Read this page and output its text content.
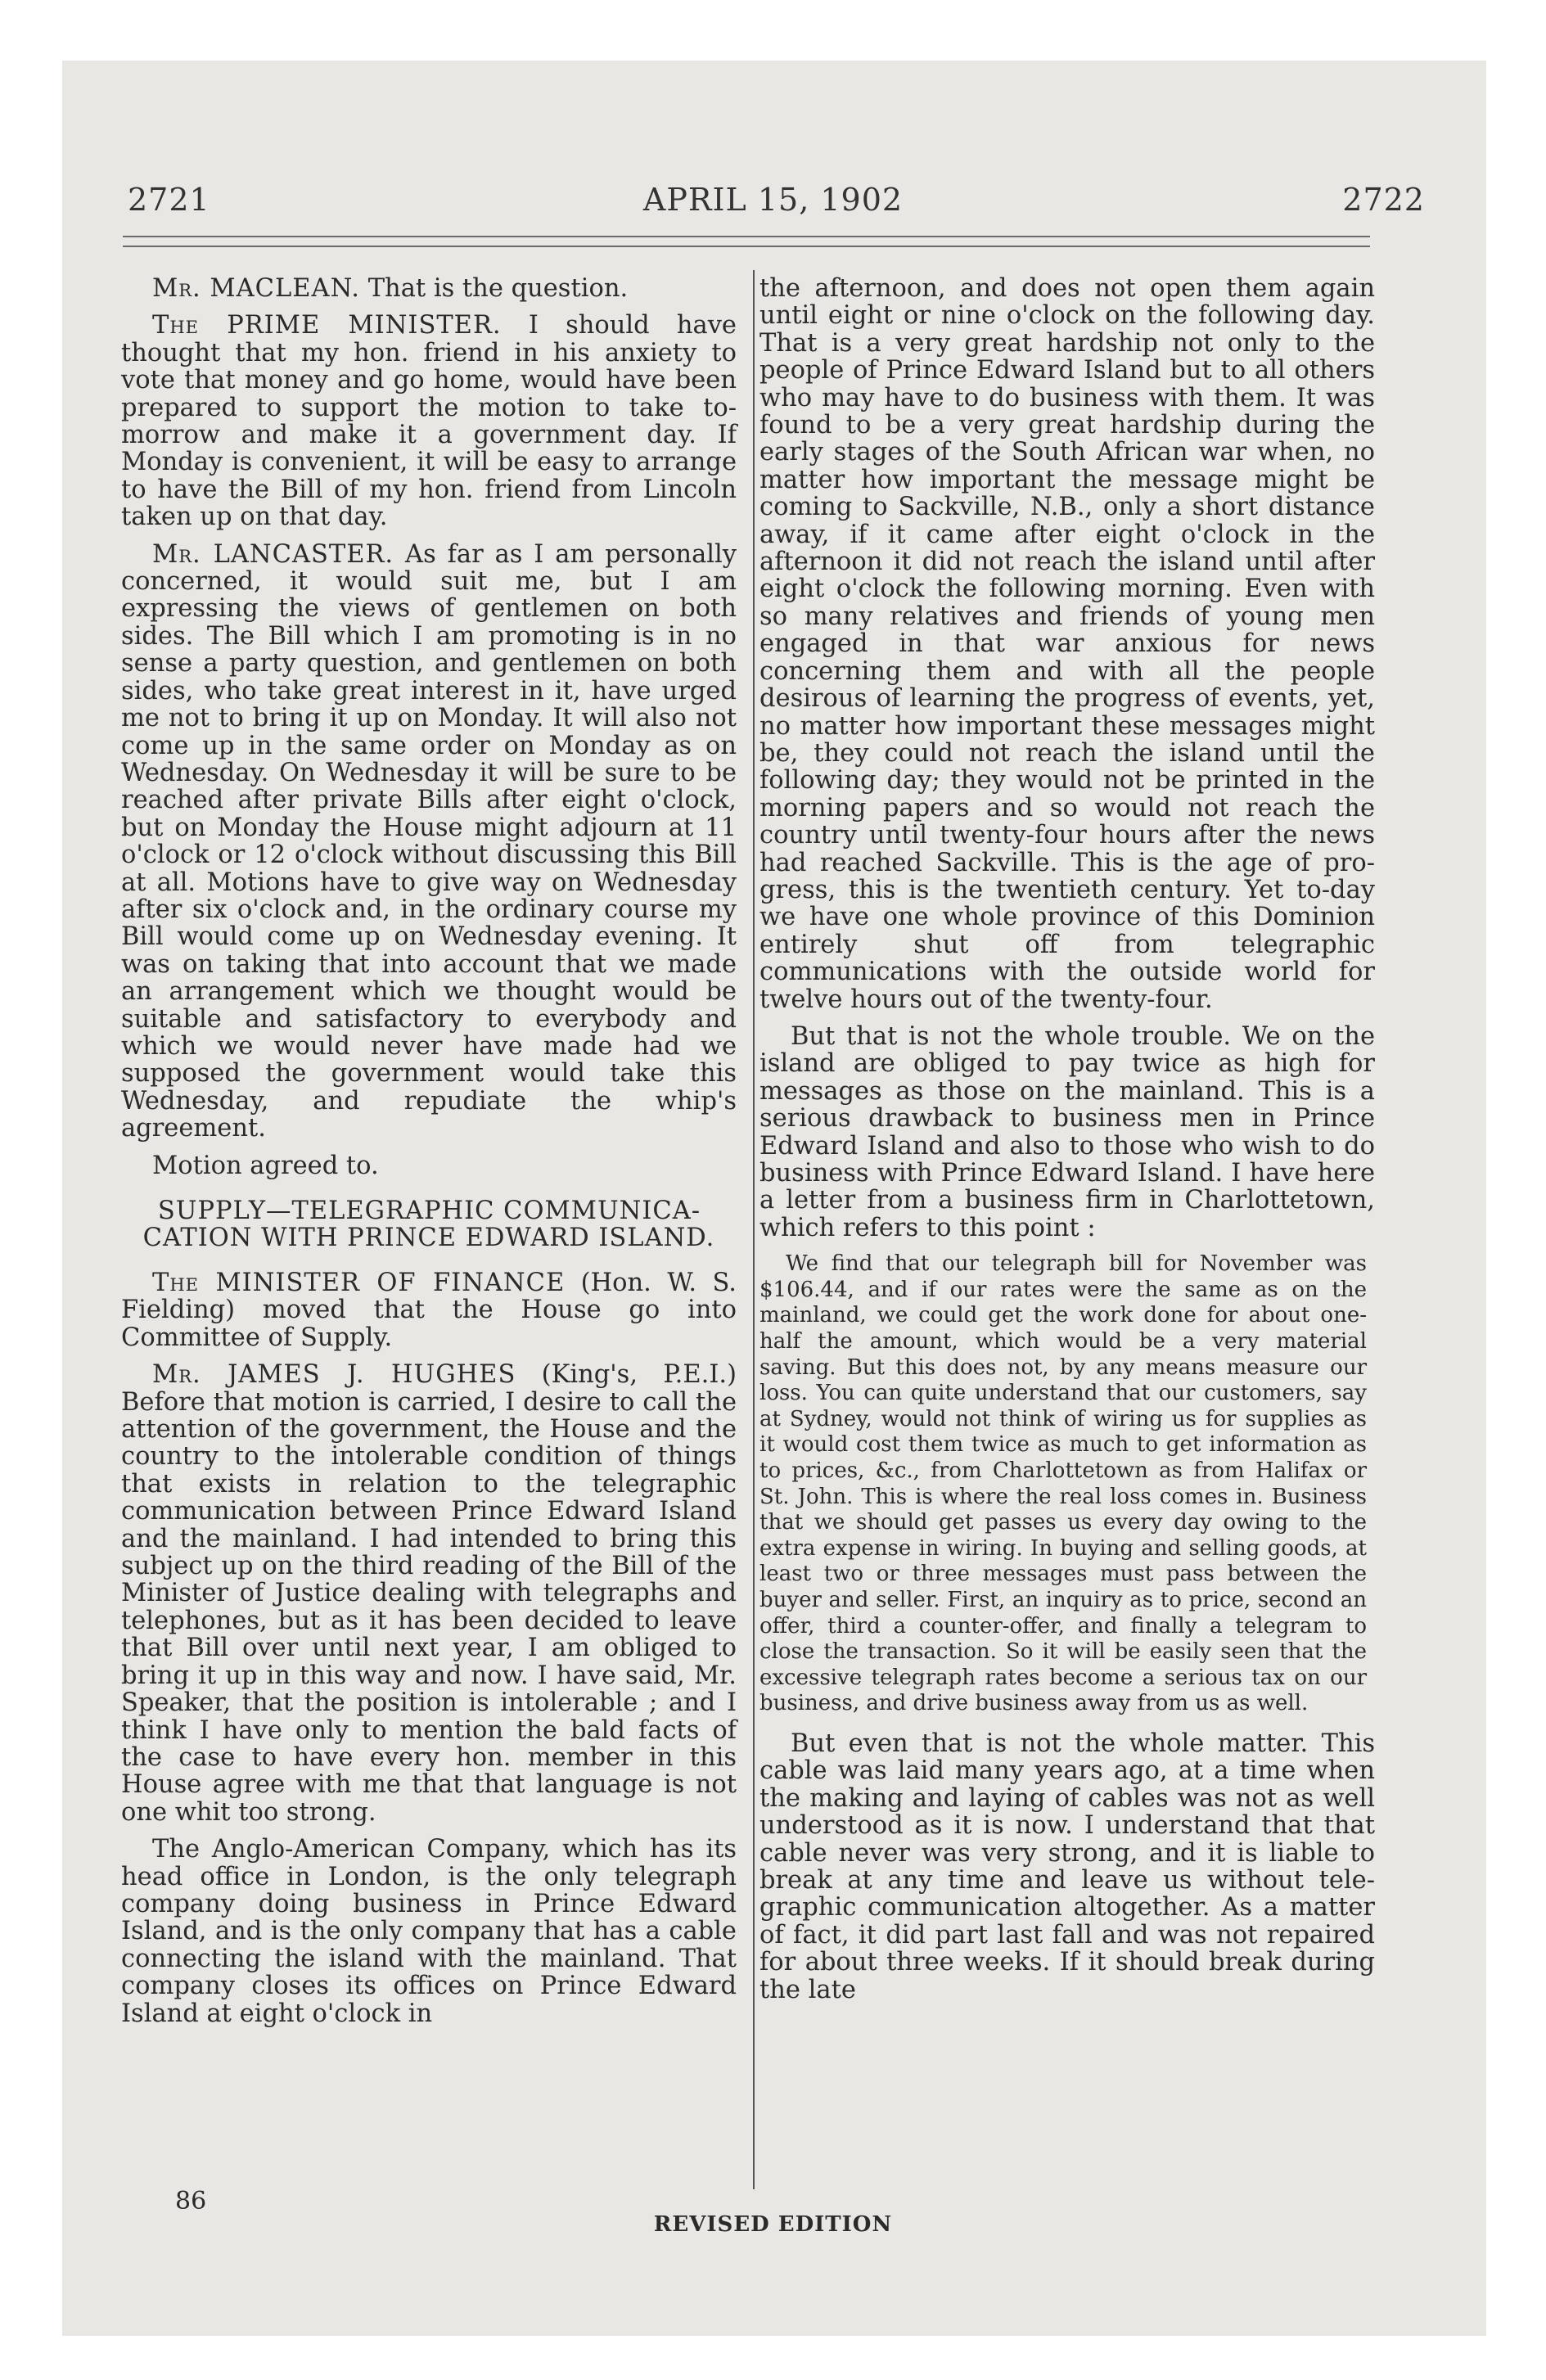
2721	APRIL 15, 1902	2722

Mr. MACLEAN. That is the question.

The PRIME MINISTER. I should have thought that my hon. friend in his anxiety to vote that money and go home, would have been prepared to support the motion to take to-morrow and make it a government day. If Monday is convenient, it will be easy to arrange to have the Bill of my hon. friend from Lincoln taken up on that day.

Mr. LANCASTER. As far as I am personally concerned, it would suit me, but I am expressing the views of gentlemen on both sides. The Bill which I am promoting is in no sense a party question, and gentlemen on both sides, who take great interest in it, have urged me not to bring it up on Monday. It will also not come up in the same order on Monday as on Wednesday. On Wednesday it will be sure to be reached after private Bills after eight o'clock, but on Monday the House might adjourn at 11 o'clock or 12 o'clock without discussing this Bill at all. Motions have to give way on Wednesday after six o'clock and, in the ordinary course my Bill would come up on Wednesday evening. It was on taking that into account that we made an arrangement which we thought would be suitable and satisfactory to everybody and which we would never have made had we supposed the government would take this Wednesday, and repudiate the whip's agreement.

Motion agreed to.

SUPPLY—TELEGRAPHIC COMMUNICACATION WITH PRINCE EDWARD ISLAND.

The MINISTER OF FINANCE (Hon. W. S. Fielding) moved that the House go into Committee of Supply.

Mr. JAMES J. HUGHES (King's, P.E.I.) Before that motion is carried, I desire to call the attention of the government, the House and the country to the intolerable condition of things that exists in relation to the telegraphic communication between Prince Edward Island and the mainland. I had intended to bring this subject up on the third reading of the Bill of the Minister of Justice dealing with telegraphs and telephones, but as it has been decided to leave that Bill over until next year, I am obliged to bring it up in this way and now. I have said, Mr. Speaker, that the position is intolerable ; and I think I have only to mention the bald facts of the case to have every hon. member in this House agree with me that that language is not one whit too strong.

The Anglo-American Company, which has its head office in London, is the only telegraph company doing business in Prince Edward Island, and is the only company that has a cable connecting the island with the mainland. That company closes its offices on Prince Edward Island at eight o'clock in

the afternoon, and does not open them again until eight or nine o'clock on the following day. That is a very great hardship not only to the people of Prince Edward Island but to all others who may have to do business with them. It was found to be a very great hardship during the early stages of the South African war when, no matter how important the message might be coming to Sackville, N.B., only a short distance away, if it came after eight o'clock in the afternoon it did not reach the island until after eight o'clock the following morning. Even with so many relatives and friends of young men engaged in that war anxious for news concerning them and with all the people desirous of learning the progress of events, yet, no matter how important these messages might be, they could not reach the island until the following day; they would not be printed in the morning papers and so would not reach the country until twenty-four hours after the news had reached Sackville. This is the age of progress, this is the twentieth century. Yet to-day we have one whole province of this Dominion entirely shut off from telegraphic communications with the outside world for twelve hours out of the twenty-four.

But that is not the whole trouble. We on the island are obliged to pay twice as high for messages as those on the mainland. This is a serious drawback to business men in Prince Edward Island and also to those who wish to do business with Prince Edward Island. I have here a letter from a business firm in Charlottetown, which refers to this point :

We find that our telegraph bill for November was $106.44, and if our rates were the same as on the mainland, we could get the work done for about one-half the amount, which would be a very material saving. But this does not, by any means measure our loss. You can quite understand that our customers, say at Sydney, would not think of wiring us for supplies as it would cost them twice as much to get information as to prices, &c., from Charlottetown as from Halifax or St. John. This is where the real loss comes in. Business that we should get passes us every day owing to the extra expense in wiring. In buying and selling goods, at least two or three messages must pass between the buyer and seller. First, an inquiry as to price, second an offer, third a counter-offer, and finally a telegram to close the transaction. So it will be easily seen that the excessive telegraph rates become a serious tax on our business, and drive business away from us as well.

But even that is not the whole matter. This cable was laid many years ago, at a time when the making and laying of cables was not as well understood as it is now. I understand that that cable never was very strong, and it is liable to break at any time and leave us without telegraphic communication altogether. As a matter of fact, it did part last fall and was not repaired for about three weeks. If it should break during the late

86
REVISED EDITION
